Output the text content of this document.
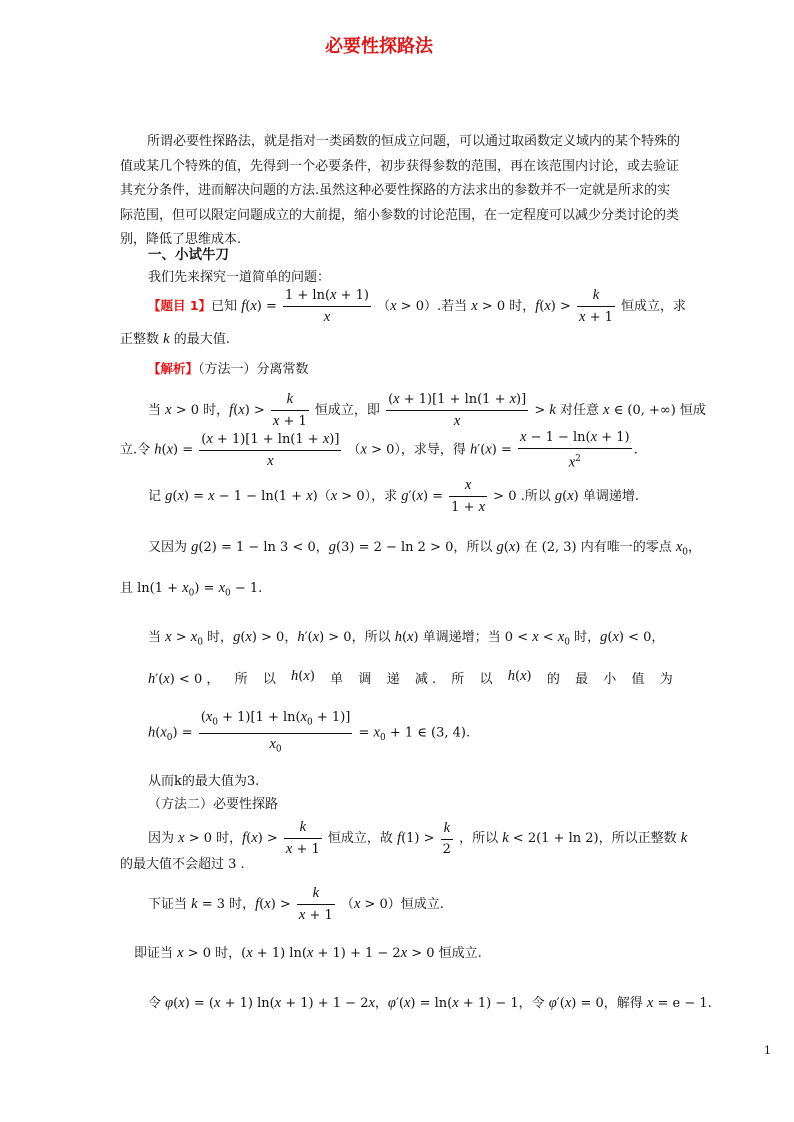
必要性探路法
所谓必要性探路法，就是指对一类函数的恒成立问题，可以通过取函数定义域内的某个特殊的值或某几个特殊的值，先得到一个必要条件，初步获得参数的范围，再在该范围内讨论，或去验证其充分条件，进而解决问题的方法.虽然这种必要性探路的方法求出的参数并不一定就是所求的实际范围，但可以限定问题成立的大前提，缩小参数的讨论范围，在一定程度可以减少分类讨论的类别，降低了思维成本.
一、小试牛刀
我们先来探究一道简单的问题：
【题目 1】已知 $f(x) = \frac{1 + \ln(x + 1)}{x} (x > 0)$.若当 x > 0 时，$f(x) > \frac{k}{x + 1}$ 恒成立，求
正整数 k 的最大值.
【解析】（方法一）分离常数
当 x > 0 时，$f(x) > \frac{k}{x + 1}$ 恒成立，即 $\frac{(x + 1)[1 + \ln(1 + x)]}{x} > k$ 对任意 x ∈ (0, +∞) 恒成
立.令 $h(x) = \frac{(x + 1)[1 + \ln(1 + x)]}{x} (x > 0)$，求导，得 $h'(x) = \frac{x - 1 - \ln(x + 1)}{x^2}$ .
记 g(x) = x − 1 − ln(1 + x)（x > 0），求 $g'(x) = \frac{x}{1 + x} > 0$ .所以 g(x) 单调递增.
又因为 g(2) = 1 − ln 3 < 0，g(3) = 2 − ln 2 > 0，所以 g(x) 在 (2, 3) 内有唯一的零点 $x_0$，
且 $\ln(1 + x_0) = x_0 - 1$.
当 $x > x_0$ 时，g(x) > 0，h′(x) > 0，所以 h(x) 单调递增；当 $0 < x < x_0$ 时，g(x) < 0，
h′(x) < 0 ， 所 以 h(x) 单 调 递 减 . 所 以 h(x) 的 最 小 值 为
$h(x_0) = \frac{(x_0 + 1)[1 + \ln(x_0 + 1)]}{x_0} = x_0 + 1$ ∈ (3, 4).
从而k的最大值为3.
（方法二）必要性探路
因为 x > 0 时，$f(x) > \frac{k}{x + 1}$ 恒成立，故 $f(1) > \frac{k}{2}$ ，所以 k < 2(1 + ln 2)，所以正整数 k
的最大值不会超过 3 .
下证当 k = 3 时，$f(x) > \frac{k}{x + 1} (x > 0)$恒成立.
即证当 x > 0 时，(x + 1) ln(x + 1) + 1 − 2x > 0 恒成立.
令 φ(x) = (x + 1) ln(x + 1) + 1 − 2x，φ′(x) = ln(x + 1) − 1，令 φ′(x) = 0，解得 x = e − 1.
1
